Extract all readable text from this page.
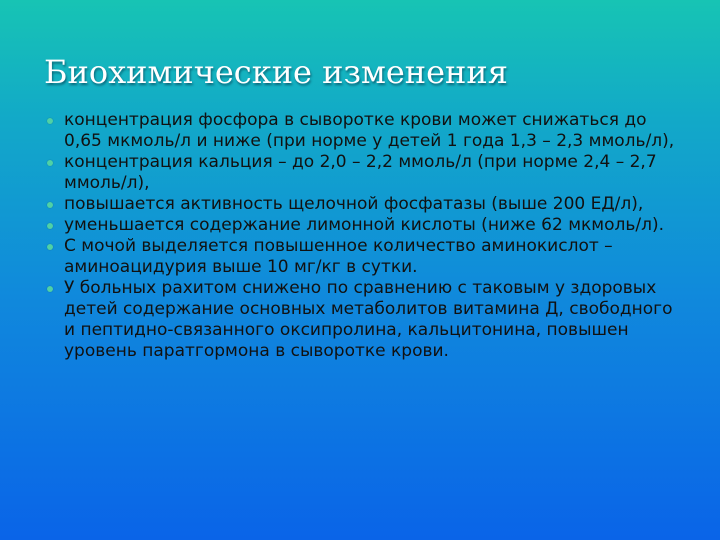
Биохимические изменения
концентрация фосфора в сыворотке крови может снижаться до 0,65 мкмоль/л и ниже (при норме у детей 1 года 1,3 – 2,3 ммоль/л),
концентрация кальция – до 2,0 – 2,2 ммоль/л (при норме 2,4 – 2,7 ммоль/л),
повышается активность щелочной фосфатазы (выше 200 ЕД/л),
уменьшается содержание лимонной кислоты (ниже 62 мкмоль/л).
С мочой выделяется повышенное количество аминокислот – аминоацидурия выше 10 мг/кг в сутки.
У больных рахитом снижено по сравнению с таковым у здоровых детей содержание основных метаболитов витамина Д, свободного и пептидно-связанного оксипролина, кальцитонина, повышен уровень паратгормона в сыворотке крови.
